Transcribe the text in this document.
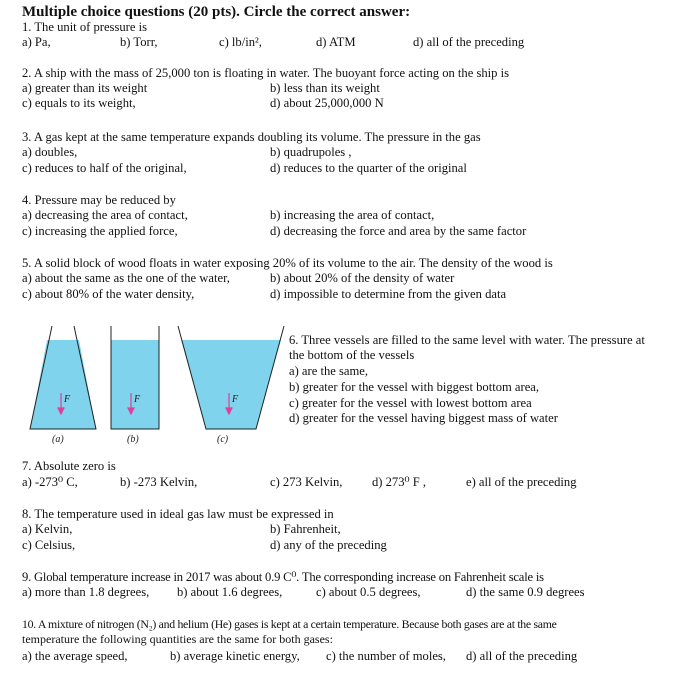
Multiple choice questions (20 pts). Circle the correct answer:
1. The unit of pressure is
a) Pa,	b) Torr,	c) lb/in²,	d) ATM	d) all of the preceding
2. A ship with the mass of 25,000 ton is floating in water. The buoyant force acting on the ship is
a) greater than its weight	b) less than its weight
c) equals to its weight,	d) about 25,000,000 N
3. A gas kept at the same temperature expands doubling its volume. The pressure in the gas
a) doubles,	b) quadrupoles ,
c) reduces to half of the original,	d) reduces to the quarter of the original
4. Pressure may be reduced by
a) decreasing the area of contact,	b) increasing the area of contact,
c) increasing the applied force,	d) decreasing the force and area by the same factor
5. A solid block of wood floats in water exposing 20% of its volume to the air. The density of the wood is
a) about the same as the one of the water,	b) about 20% of the density of water
c) about 80% of the water density,	d) impossible to determine from the given data
F	F	F
(a)	(b)	(c)
6. Three vessels are filled to the same level with water. The pressure at
the bottom of the vessels
a) are the same,
b) greater for the vessel with biggest bottom area,
c) greater for the vessel with lowest bottom area
d) greater for the vessel having biggest mass of water
7. Absolute zero is
a) -273⁰ C,	b) -273 Kelvin,	c) 273 Kelvin, d) 273⁰ F ,	e) all of the preceding
8. The temperature used in ideal gas law must be expressed in
a) Kelvin,	b) Fahrenheit,
c) Celsius,	d) any of the preceding
9. Global temperature increase in 2017 was about 0.9 C⁰. The corresponding increase on Fahrenheit scale is
a) more than 1.8 degrees, b) about 1.6 degrees,	c) about 0.5 degrees,	d) the same 0.9 degrees
10. A mixture of nitrogen (N₂) and helium (He) gases is kept at a certain temperature. Because both gases are at the same
temperature the following quantities are the same for both gases:
a) the average speed,	b) average kinetic energy, c) the number of moles, d) all of the preceding
